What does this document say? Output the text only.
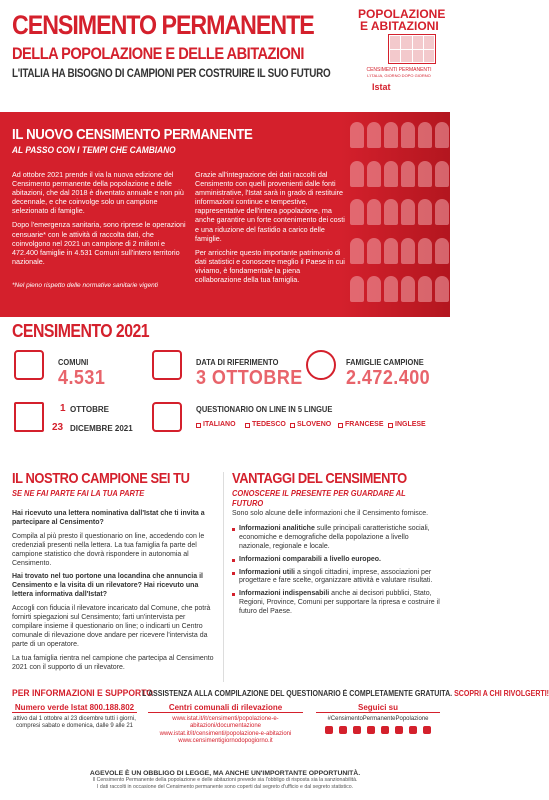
CENSIMENTO PERMANENTE
DELLA POPOLAZIONE E DELLE ABITAZIONI
L'ITALIA HA BISOGNO DI CAMPIONI PER COSTRUIRE IL SUO FUTURO
POPOLAZIONE
E ABITAZIONI
CENSIMENTI PERMANENTI
L'ITALIA, GIORNO DOPO GIORNO
Istat
IL NUOVO CENSIMENTO PERMANENTE
AL PASSO CON I TEMPI CHE CAMBIANO

Ad ottobre 2021 prende il via la nuova edizione del Censimento permanente della popolazione e delle abitazioni, che dal 2018 è diventato annuale e non più decennale, e che coinvolge solo un campione selezionato di famiglie.

Dopo l'emergenza sanitaria, sono riprese le operazioni censuarie* con le attività di raccolta dati, che coinvolgono nel 2021 un campione di 2 milioni e 472.400 famiglie in 4.531 Comuni sull'intero territorio nazionale.

Grazie all'integrazione dei dati raccolti dal Censimento con quelli provenienti dalle fonti amministrative, l'Istat sarà in grado di restituire informazioni continue e tempestive, rappresentative dell'intera popolazione, ma anche garantire un forte contenimento dei costi e una riduzione del fastidio a carico delle famiglie.

Per arricchire questo importante patrimonio di dati statistici e conoscere meglio il Paese in cui viviamo, è fondamentale la piena collaborazione della tua famiglia.

*Nel pieno rispetto delle normative sanitarie vigenti
CENSIMENTO 2021
COMUNI
4.531
DATA DI RIFERIMENTO
3 OTTOBRE
FAMIGLIE CAMPIONE
2.472.400
1 OTTOBRE
23 DICEMBRE 2021
QUESTIONARIO ON LINE IN 5 LINGUE
ITALIANO TEDESCO SLOVENO FRANCESE INGLESE
IL NOSTRO CAMPIONE SEI TU
SE NE FAI PARTE FAI LA TUA PARTE

Hai ricevuto una lettera nominativa dall'Istat che ti invita a partecipare al Censimento?

Compila al più presto il questionario on line, accedendo con le credenziali presenti nella lettera. La tua famiglia fa parte del campione statistico che dovrà rispondere in autonomia al Censimento.

Hai trovato nel tuo portone una locandina che annuncia il Censimento e la visita di un rilevatore? Hai ricevuto una lettera informativa dall'Istat?

Accogli con fiducia il rilevatore incaricato dal Comune, che potrà fornirti spiegazioni sul Censimento; farti un'intervista per compilare insieme il questionario on line; o indicarti un Centro comunale di rilevazione dove andare per ricevere l'intervista da parte di un operatore.

La tua famiglia rientra nel campione che partecipa al Censimento 2021 con il supporto di un rilevatore.

VANTAGGI DEL CENSIMENTO
CONOSCERE IL PRESENTE PER GUARDARE AL FUTURO

Sono solo alcune delle informazioni che il Censimento fornisce.

Informazioni analitiche sulle principali caratteristiche sociali, economiche e demografiche della popolazione a livello nazionale, regionale e locale.
Informazioni comparabili a livello europeo.
Informazioni utili a singoli cittadini, imprese, associazioni per progettare e fare scelte, organizzare attività e valutare risultati.
Informazioni indispensabili anche ai decisori pubblici, Stato, Regioni, Province, Comuni per supportare la ripresa e costruire il futuro del Paese.
PER INFORMAZIONI E SUPPORTO
L'ASSISTENZA ALLA COMPILAZIONE DEL QUESTIONARIO È COMPLETAMENTE GRATUITA. SCOPRI A CHI RIVOLGERTI!
Numero verde Istat 800.188.802
attivo dal 1 ottobre al 23 dicembre tutti i giorni, compresi sabato e domenica, dalle 9 alle 21
Centri comunali di rilevazione
www.istat.it/it/censimenti/popolazione-e-abitazioni/documentazione
www.istat.it/it/censimenti/popolazione-e-abitazioni
www.censimentigiornodopogiorno.it
Seguici su
#CensimentoPermanentePopolazione
AGEVOLE È UN OBBLIGO DI LEGGE, MA ANCHE UN'IMPORTANTE OPPORTUNITÀ.
Il Censimento Permanente della popolazione e delle abitazioni prevede sia l'obbligo di risposta sia la sanzionabilità.
I dati raccolti in occasione del Censimento permanente sono coperti dal segreto d'ufficio e dal segreto statistico.
